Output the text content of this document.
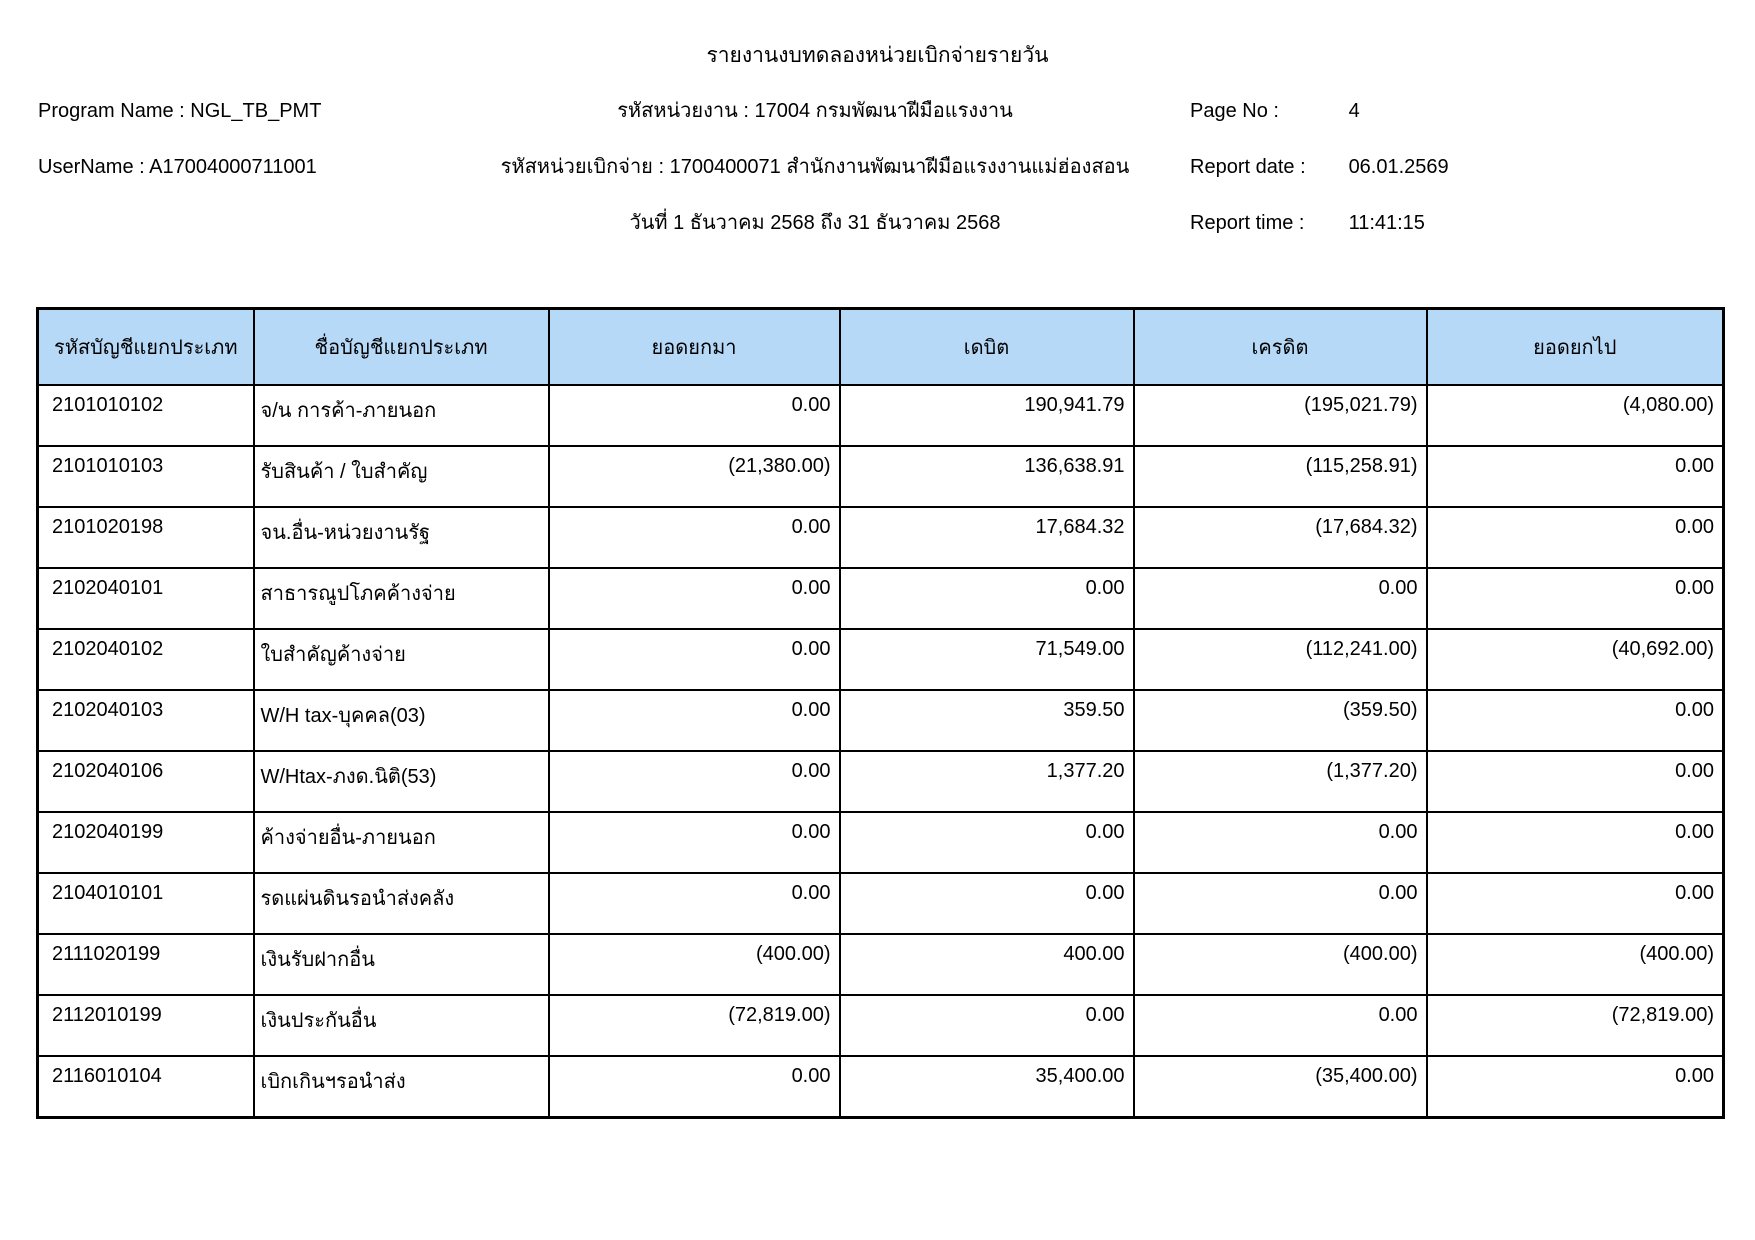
รายงานงบทดลองหน่วยเบิกจ่ายรายวัน
Program Name : NGL_TB_PMT	รหัสหน่วยงาน : 17004 กรมพัฒนาฝีมือแรงงาน	Page No :	4
UserName : A17004000711001	รหัสหน่วยเบิกจ่าย : 1700400071 สำนักงานพัฒนาฝีมือแรงงานแม่ฮ่องสอน	Report date : 06.01.2569
วันที่ 1 ธันวาคม 2568 ถึง 31 ธันวาคม 2568	Report time : 11:41:15
รหัสบัญชีแยกประเภท	ชื่อบัญชีแยกประเภท	ยอดยกมา	เดบิต	เครดิต	ยอดยกไป
2101010102	จ/น การค้า-ภายนอก	0.00	190,941.79	(195,021.79)	(4,080.00)
2101010103	รับสินค้า / ใบสำคัญ	(21,380.00)	136,638.91	(115,258.91)	0.00
2101020198	จน.อื่น-หน่วยงานรัฐ	0.00	17,684.32	(17,684.32)	0.00
2102040101	สาธารณูปโภคค้างจ่าย	0.00	0.00	0.00	0.00
2102040102	ใบสำคัญค้างจ่าย	0.00	71,549.00	(112,241.00)	(40,692.00)
2102040103	W/H tax-บุคคล(03)	0.00	359.50	(359.50)	0.00
2102040106	W/Htax-ภงด.นิติ(53)	0.00	1,377.20	(1,377.20)	0.00
2102040199	ค้างจ่ายอื่น-ภายนอก	0.00	0.00	0.00	0.00
2104010101	รดแผ่นดินรอนำส่งคลัง	0.00	0.00	0.00	0.00
2111020199	เงินรับฝากอื่น	(400.00)	400.00	(400.00)	(400.00)
2112010199	เงินประกันอื่น	(72,819.00)	0.00	0.00	(72,819.00)
2116010104	เบิกเกินฯรอนำส่ง	0.00	35,400.00	(35,400.00)	0.00
